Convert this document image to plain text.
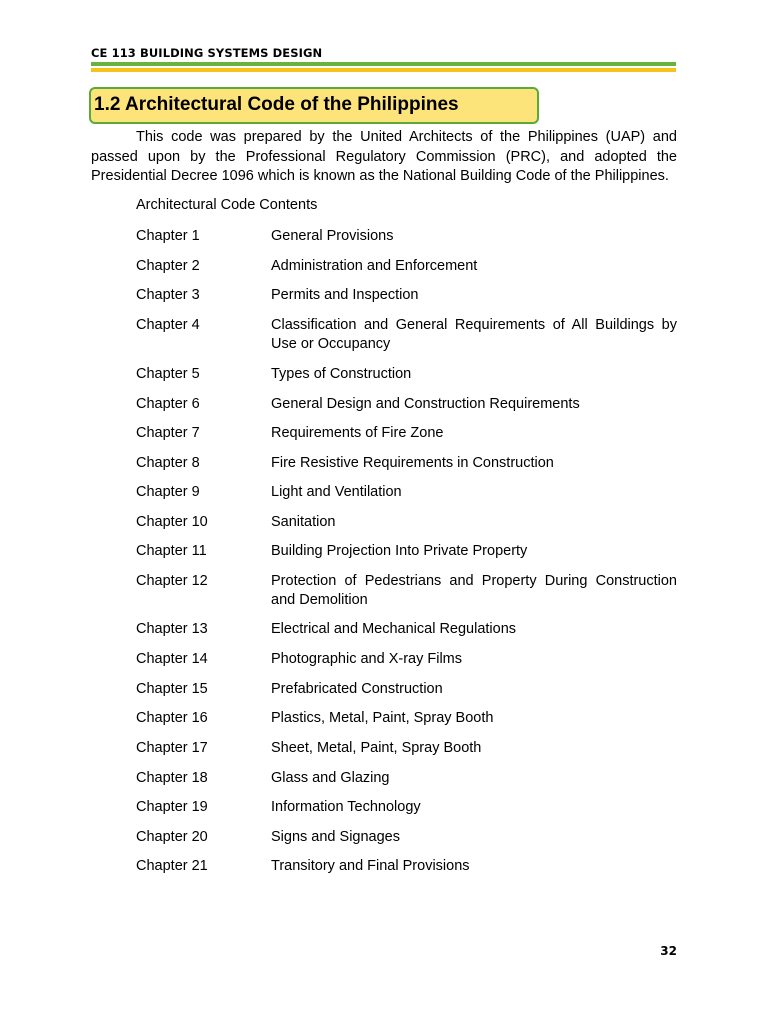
CE 113 BUILDING SYSTEMS DESIGN
1.2 Architectural Code of the Philippines

This code was prepared by the United Architects of the Philippines (UAP) and passed upon by the Professional Regulatory Commission (PRC), and adopted the Presidential Decree 1096 which is known as the National Building Code of the Philippines.

Architectural Code Contents

Chapter 1	General Provisions
Chapter 2	Administration and Enforcement
Chapter 3	Permits and Inspection
Chapter 4	Classification and General Requirements of All Buildings by Use or Occupancy
Chapter 5	Types of Construction
Chapter 6	General Design and Construction Requirements
Chapter 7	Requirements of Fire Zone
Chapter 8	Fire Resistive Requirements in Construction
Chapter 9	Light and Ventilation
Chapter 10	Sanitation
Chapter 11	Building Projection Into Private Property
Chapter 12	Protection of Pedestrians and Property During Construction and Demolition
Chapter 13	Electrical and Mechanical Regulations
Chapter 14	Photographic and X-ray Films
Chapter 15	Prefabricated Construction
Chapter 16	Plastics, Metal, Paint, Spray Booth
Chapter 17	Sheet, Metal, Paint, Spray Booth
Chapter 18	Glass and Glazing
Chapter 19	Information Technology
Chapter 20	Signs and Signages
Chapter 21	Transitory and Final Provisions
32
